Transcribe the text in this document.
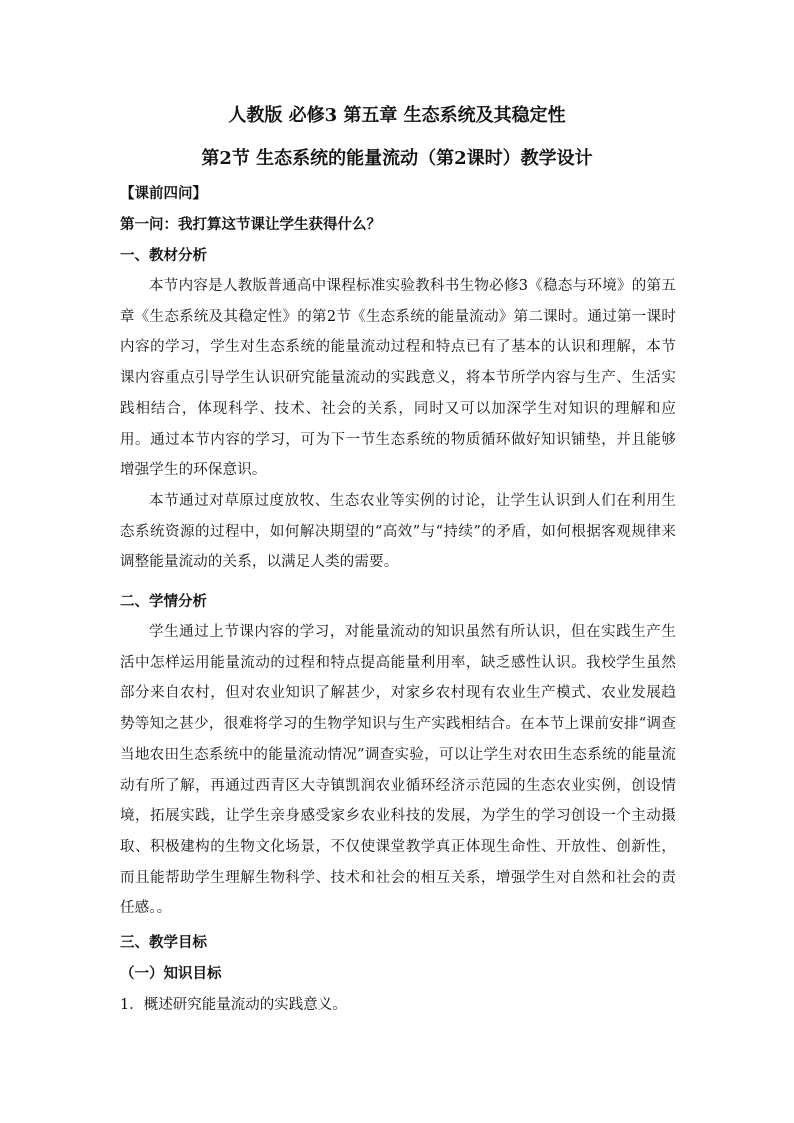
人教版 必修3 第五章 生态系统及其稳定性
第2节 生态系统的能量流动（第2课时）教学设计

【课前四问】

第一问：我打算这节课让学生获得什么？

一、教材分析

本节内容是人教版普通高中课程标准实验教科书生物必修3《稳态与环境》的第五章《生态系统及其稳定性》的第2节《生态系统的能量流动》第二课时。通过第一课时内容的学习，学生对生态系统的能量流动过程和特点已有了基本的认识和理解，本节课内容重点引导学生认识研究能量流动的实践意义，将本节所学内容与生产、生活实践相结合，体现科学、技术、社会的关系，同时又可以加深学生对知识的理解和应用。通过本节内容的学习，可为下一节生态系统的物质循环做好知识铺垫，并且能够增强学生的环保意识。

本节通过对草原过度放牧、生态农业等实例的讨论，让学生认识到人们在利用生态系统资源的过程中，如何解决期望的“高效”与“持续”的矛盾，如何根据客观规律来调整能量流动的关系，以满足人类的需要。

二、学情分析

学生通过上节课内容的学习，对能量流动的知识虽然有所认识，但在实践生产生活中怎样运用能量流动的过程和特点提高能量利用率，缺乏感性认识。我校学生虽然部分来自农村，但对农业知识了解甚少，对家乡农村现有农业生产模式、农业发展趋势等知之甚少，很难将学习的生物学知识与生产实践相结合。在本节上课前安排“调查当地农田生态系统中的能量流动情况”调查实验，可以让学生对农田生态系统的能量流动有所了解，再通过西青区大寺镇凯润农业循环经济示范园的生态农业实例，创设情境，拓展实践，让学生亲身感受家乡农业科技的发展，为学生的学习创设一个主动摄取、积极建构的生物文化场景，不仅使课堂教学真正体现生命性、开放性、创新性，而且能帮助学生理解生物科学、技术和社会的相互关系，增强学生对自然和社会的责任感。。

三、教学目标

（一）知识目标

1．概述研究能量流动的实践意义。
